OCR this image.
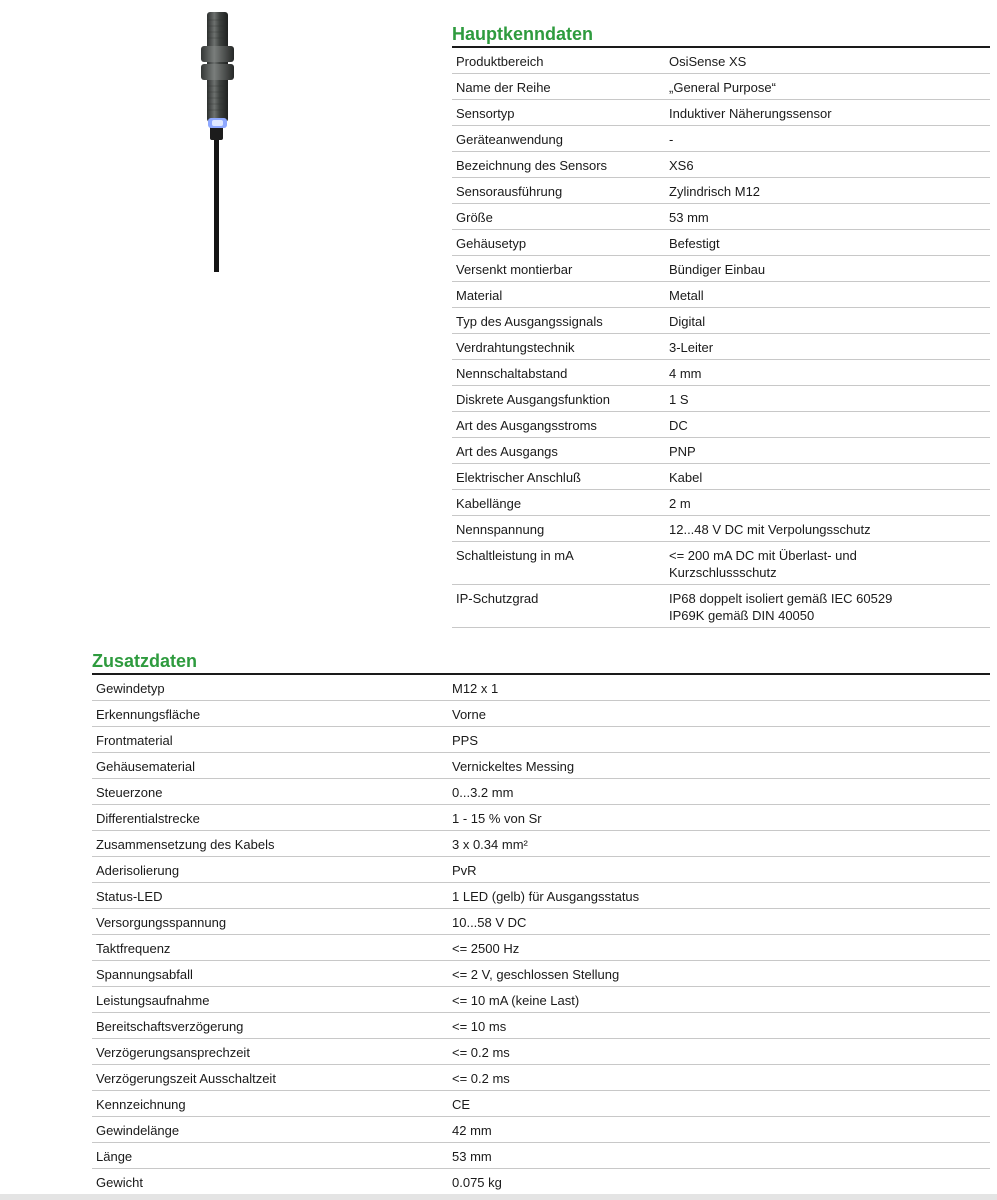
Hauptkenndaten
Produktbereich	OsiSense XS
Name der Reihe	„General Purpose“
Sensortyp	Induktiver Näherungssensor
Geräteanwendung	-
Bezeichnung des Sensors	XS6
Sensorausführung	Zylindrisch M12
Größe	53 mm
Gehäusetyp	Befestigt
Versenkt montierbar	Bündiger Einbau
Material	Metall
Typ des Ausgangssignals	Digital
Verdrahtungstechnik	3-Leiter
Nennschaltabstand	4 mm
Diskrete Ausgangsfunktion	1 S
Art des Ausgangsstroms	DC
Art des Ausgangs	PNP
Elektrischer Anschluß	Kabel
Kabellänge	2 m
Nennspannung	12...48 V DC mit Verpolungsschutz
Schaltleistung in mA	<= 200 mA DC mit Überlast- und
Kurzschlussschutz
IP-Schutzgrad	IP68 doppelt isoliert gemäß IEC 60529
IP69K gemäß DIN 40050
Zusatzdaten
Gewindetyp	M12 x 1
Erkennungsfläche	Vorne
Frontmaterial	PPS
Gehäusematerial	Vernickeltes Messing
Steuerzone	0...3.2 mm
Differentialstrecke	1 - 15 % von Sr
Zusammensetzung des Kabels	3 x 0.34 mm²
Aderisolierung	PvR
Status-LED	1 LED (gelb) für Ausgangsstatus
Versorgungsspannung	10...58 V DC
Taktfrequenz	<= 2500 Hz
Spannungsabfall	<= 2 V, geschlossen Stellung
Leistungsaufnahme	<= 10 mA (keine Last)
Bereitschaftsverzögerung	<= 10 ms
Verzögerungsansprechzeit	<= 0.2 ms
Verzögerungszeit Ausschaltzeit	<= 0.2 ms
Kennzeichnung	CE
Gewindelänge	42 mm
Länge	53 mm
Gewicht	0.075 kg
